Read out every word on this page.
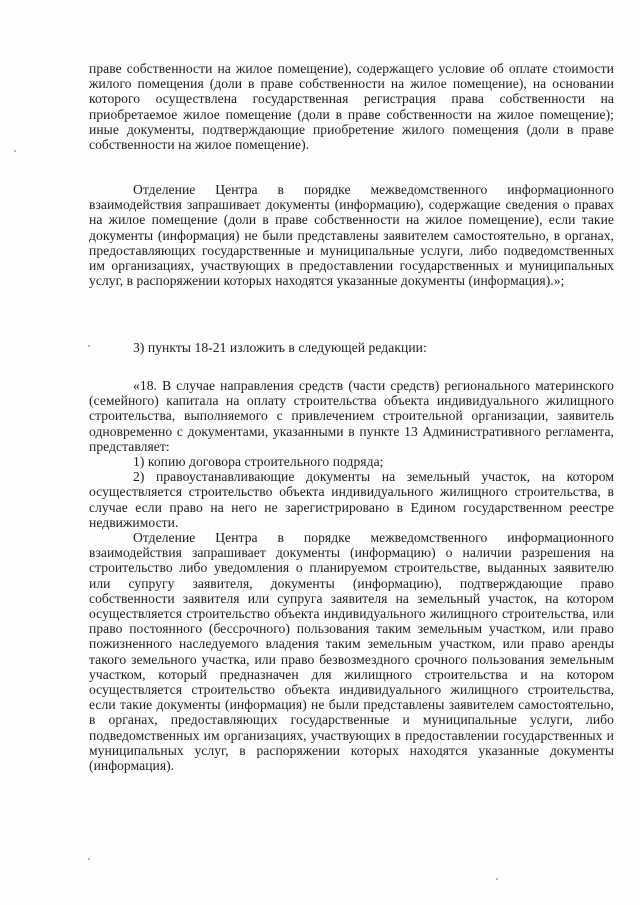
праве собственности на жилое помещение), содержащего условие об оплате стоимости жилого помещения (доли в праве собственности на жилое помещение), на основании которого осуществлена государственная регистрация права собственности на приобретаемое жилое помещение (доли в праве собственности на жилое помещение); иные документы, подтверждающие приобретение жилого помещения (доли в праве собственности на жилое помещение).

Отделение Центра в порядке межведомственного информационного взаимодействия запрашивает документы (информацию), содержащие сведения о правах на жилое помещение (доли в праве собственности на жилое помещение), если такие документы (информация) не были представлены заявителем самостоятельно, в органах, предоставляющих государственные и муниципальные услуги, либо подведомственных им организациях, участвующих в предоставлении государственных и муниципальных услуг, в распоряжении которых находятся указанные документы (информация).»;

3) пункты 18-21 изложить в следующей редакции:

«18. В случае направления средств (части средств) регионального материнского (семейного) капитала на оплату строительства объекта индивидуального жилищного строительства, выполняемого с привлечением строительной организации, заявитель одновременно с документами, указанными в пункте 13 Административного регламента, представляет:

1) копию договора строительного подряда;

2) правоустанавливающие документы на земельный участок, на котором осуществляется строительство объекта индивидуального жилищного строительства, в случае если право на него не зарегистрировано в Едином государственном реестре недвижимости.

Отделение Центра в порядке межведомственного информационного взаимодействия запрашивает документы (информацию) о наличии разрешения на строительство либо уведомления о планируемом строительстве, выданных заявителю или супругу заявителя, документы (информацию), подтверждающие право собственности заявителя или супруга заявителя на земельный участок, на котором осуществляется строительство объекта индивидуального жилищного строительства, или право постоянного (бессрочного) пользования таким земельным участком, или право пожизненного наследуемого владения таким земельным участком, или право аренды такого земельного участка, или право безвозмездного срочного пользования земельным участком, который предназначен для жилищного строительства и на котором осуществляется строительство объекта индивидуального жилищного строительства, если такие документы (информация) не были представлены заявителем самостоятельно, в органах, предоставляющих государственные и муниципальные услуги, либо подведомственных им организациях, участвующих в предоставлении государственных и муниципальных услуг, в распоряжении которых находятся указанные документы (информация).
